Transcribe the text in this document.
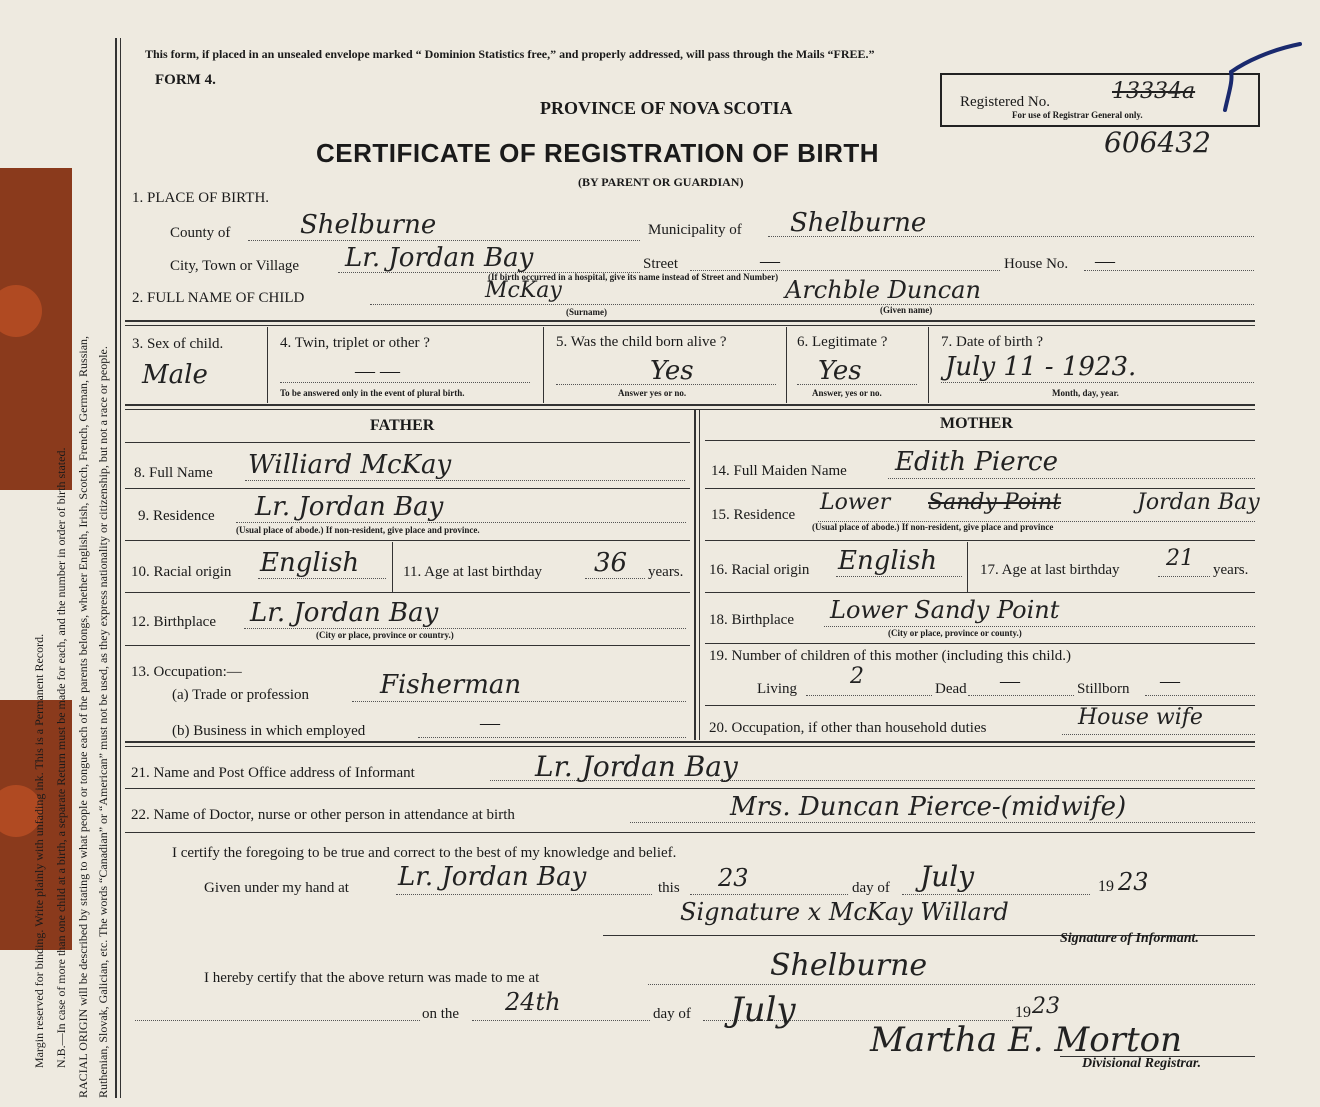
Margin reserved for binding. Write plainly with unfading ink. This is a Permanent Record. N.B.—In case of more than one child at a birth, a separate Return must be made for each, and the number in order of birth stated. RACIAL ORIGIN will be described by stating to what people or tongue each of the parents belongs, whether English, Irish, Scotch, French, German, Russian, Ruthenian, Slovak, Galician, etc. The words “Canadian” or “American” must not be used, as they express nationality or citizenship, but not a race or people.
This form, if placed in an unsealed envelope marked “ Dominion Statistics free,” and properly addressed, will pass through the Mails “FREE.”
FORM 4.
PROVINCE OF NOVA SCOTIA
CERTIFICATE OF REGISTRATION OF BIRTH
(BY PARENT OR GUARDIAN)
Registered No.	13334a
For use of Registrar General only.
606432
1. PLACE OF BIRTH.
County of	Shelburne	Municipality of Shelburne
City, Town or Village Lr. Jordan Bay	Street	—	House No. —
(If birth occurred in a hospital, give its name instead of Street and Number)
2. FULL NAME OF CHILD	McKay
(Surname)
Archble Duncan
(Given name)
3. Sex of child.
Male
4. Twin, triplet or other ?
— —
To be answered only in the event of plural birth.
5. Was the child born alive ?
Yes
Answer yes or no.
6. Legitimate ?
Yes
Answer, yes or no.
7. Date of birth ?
July 11 - 1923.
Month, day, year.
FATHER	MOTHER
8. Full Name Williard McKay
9. Residence Lr. Jordan Bay
(Usual place of abode.) If non-resident, give place and province.
10. Racial origin English	11. Age at last birthday 36 years.
12. Birthplace Lr. Jordan Bay
(City or place, province or country.)
13. Occupation:—
(a) Trade or profession	Fisherman
(b) Business in which employed	—
14. Full Maiden Name Edith Pierce
15. Residence Lower Sandy Point	Jordan Bay
(Usual place of abode.) If non-resident, give place and province
16. Racial origin English	17. Age at last birthday 21 years.
18. Birthplace Lower Sandy Point
(City or place, province or county.)
19. Number of children of this mother (including this child.)
Living 2	Dead —	Stillborn —
20. Occupation, if other than household duties	House wife
21. Name and Post Office address of Informant	Lr. Jordan Bay
22. Name of Doctor, nurse or other person in attendance at birth	Mrs. Duncan Pierce-(midwife)
I certify the foregoing to be true and correct to the best of my knowledge and belief.
Given under my hand at Lr. Jordan Bay	this 23	day of July	19 23
Signature x McKay Willard
Signature of Informant.
I hereby certify that the above return was made to me at	Shelburne
on the 24th	day of July	19 23
Martha E. Morton
Divisional Registrar.
